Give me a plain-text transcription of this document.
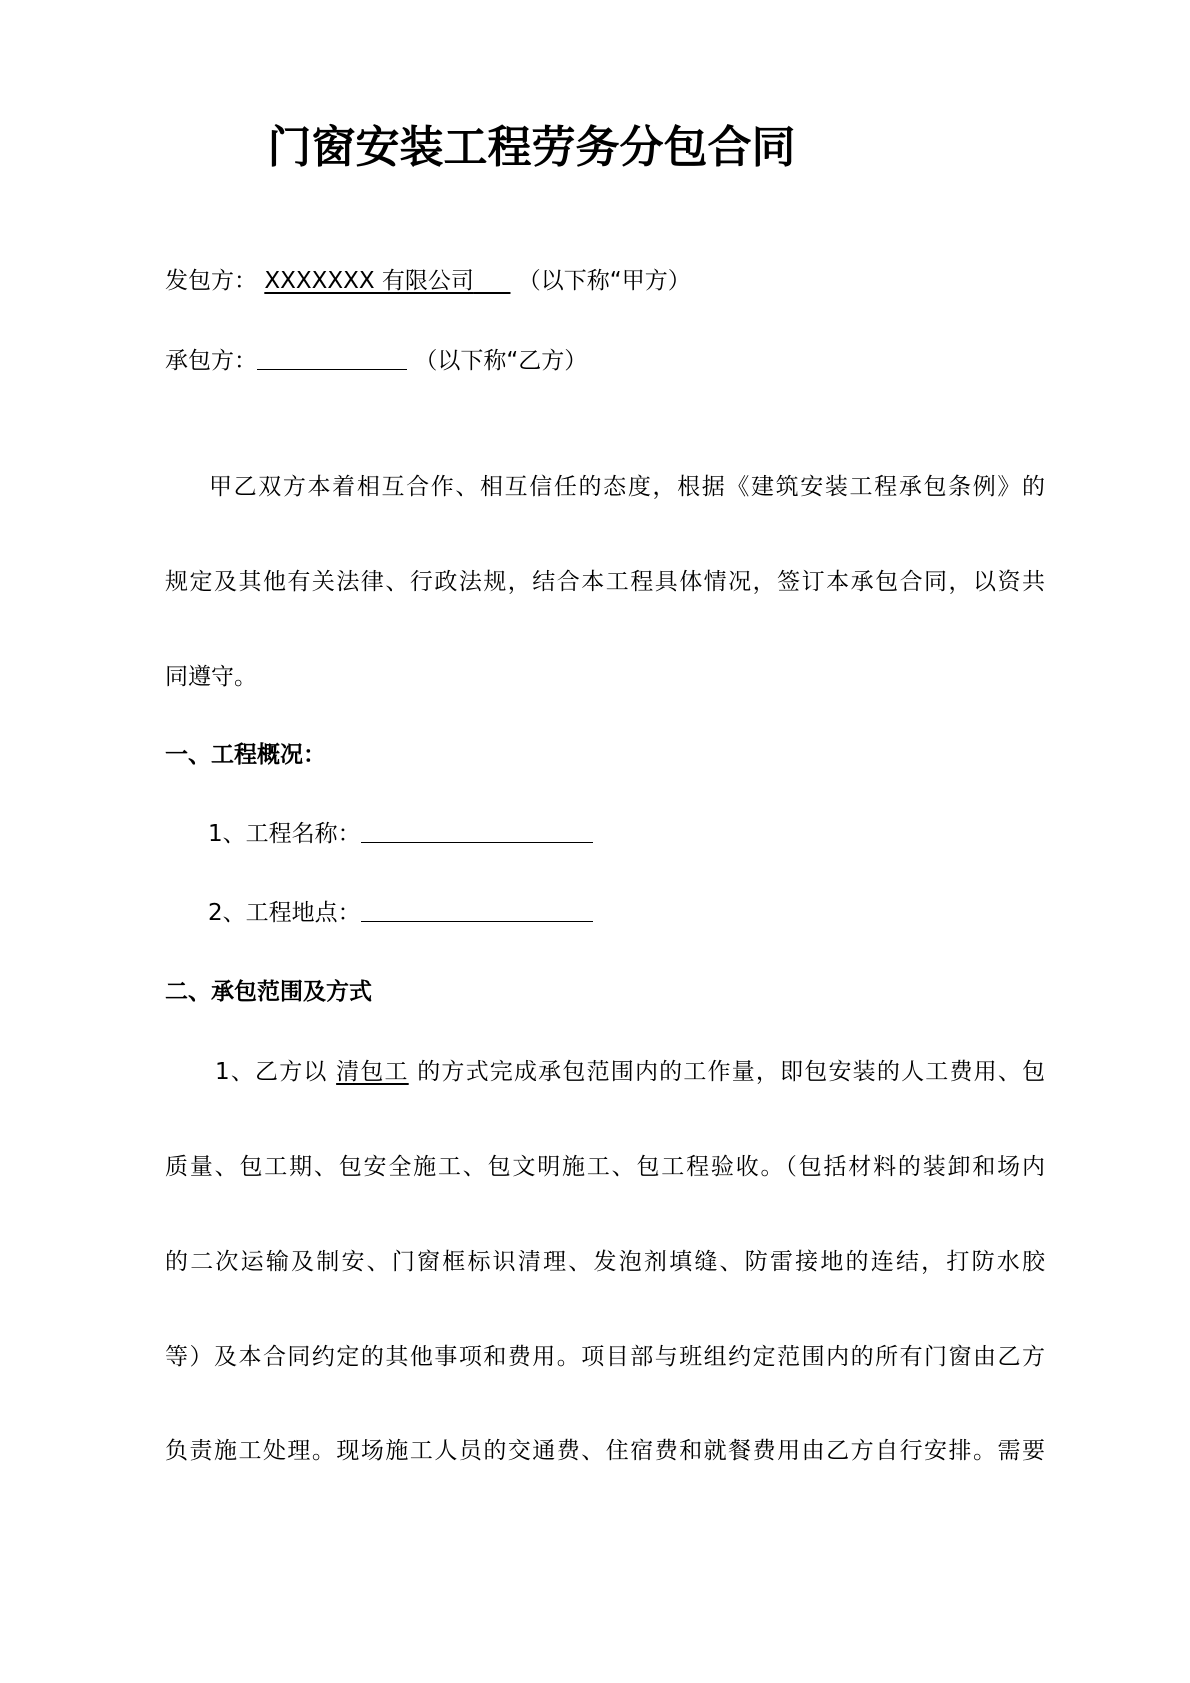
门窗安装工程劳务分包合同
发包方： XXXXXXX 有限公司 （以下称“甲方）
承包方：	（以下称“乙方）
甲乙双方本着相互合作、相互信任的态度，根据《建筑安装工程承包条例》的
规定及其他有关法律、行政法规，结合本工程具体情况，签订本承包合同，以资共
同遵守。
一、工程概况：
1、工程名称：
2、工程地点：
二、承包范围及方式
1、乙方以 清包工 的方式完成承包范围内的工作量，即包安装的人工费用、包
质量、包工期、包安全施工、包文明施工、包工程验收。（包括材料的装卸和场内
的二次运输及制安、门窗框标识清理、发泡剂填缝、防雷接地的连结，打防水胶
等）及本合同约定的其他事项和费用。项目部与班组约定范围内的所有门窗由乙方
负责施工处理。现场施工人员的交通费、住宿费和就餐费用由乙方自行安排。需要
